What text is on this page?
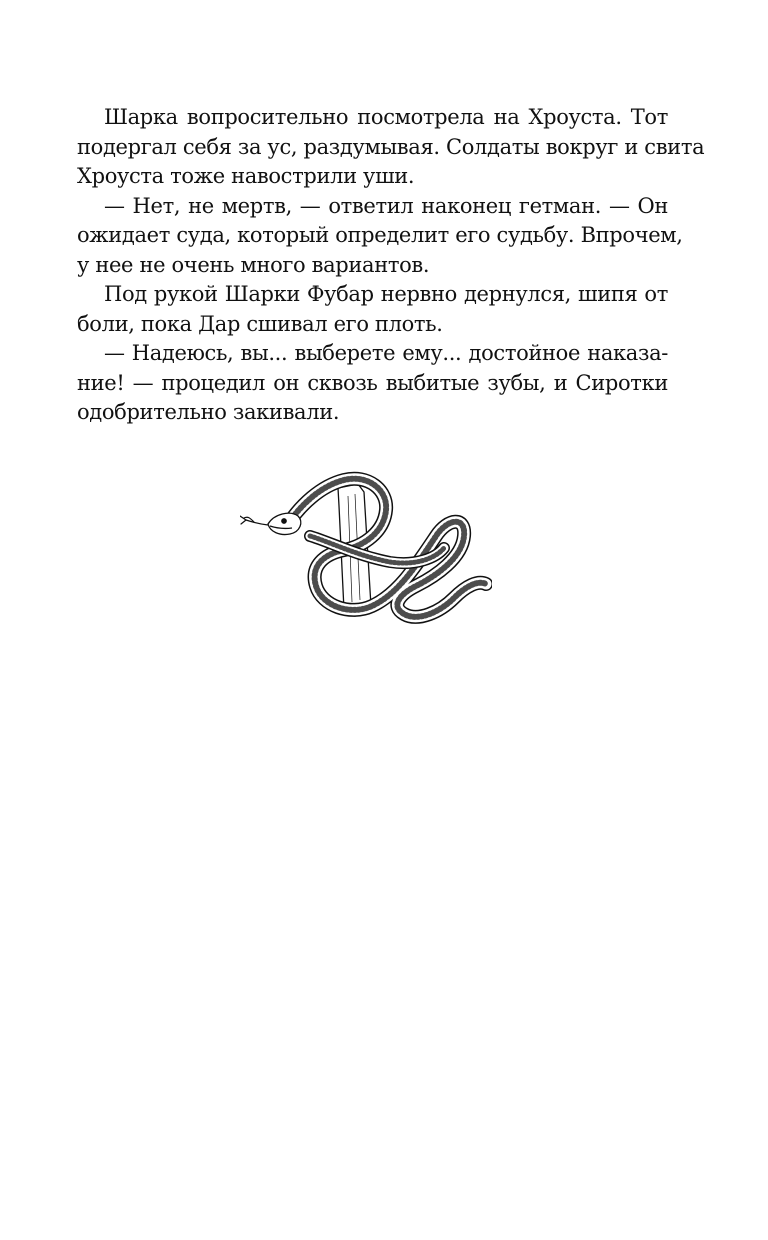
Шарка вопросительно посмотрела на Хроуста. Тот
подергал себя за ус, раздумывая. Солдаты вокруг и свита
Хроуста тоже навострили уши.
— Нет, не мертв, — ответил наконец гетман. — Он
ожидает суда, который определит его судьбу. Впрочем,
у нее не очень много вариантов.
Под рукой Шарки Фубар нервно дернулся, шипя от
боли, пока Дар сшивал его плоть.
— Надеюсь, вы... выберете ему... достойное наказа-
ние! — процедил он сквозь выбитые зубы, и Сиротки
одобрительно закивали.
